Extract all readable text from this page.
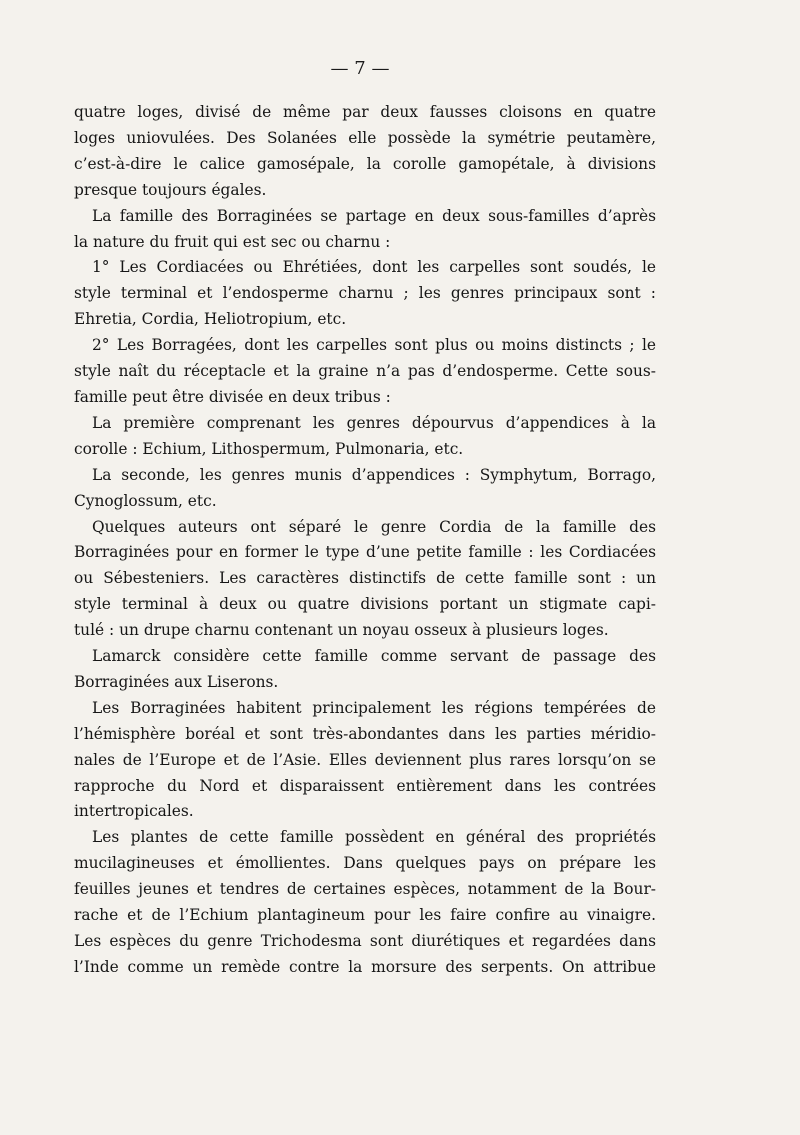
— 7 —
quatre loges, divisé de même par deux fausses cloisons en quatre
loges uniovulées. Des Solanées elle possède la symétrie peutamère,
c’est-à-dire le calice gamosépale, la corolle gamopétale, à divisions
presque toujours égales.
La famille des Borraginées se partage en deux sous-familles d’après
la nature du fruit qui est sec ou charnu :
1° Les Cordiacées ou Ehrétiées, dont les carpelles sont soudés, le
style terminal et l’endosperme charnu ; les genres principaux sont :
Ehretia, Cordia, Heliotropium, etc.
2° Les Borragées, dont les carpelles sont plus ou moins distincts ; le
style naît du réceptacle et la graine n’a pas d’endosperme. Cette sous-
famille peut être divisée en deux tribus :
La première comprenant les genres dépourvus d’appendices à la
corolle : Echium, Lithospermum, Pulmonaria, etc.
La seconde, les genres munis d’appendices : Symphytum, Borrago,
Cynoglossum, etc.
Quelques auteurs ont séparé le genre Cordia de la famille des
Borraginées pour en former le type d’une petite famille : les Cordiacées
ou Sébesteniers. Les caractères distinctifs de cette famille sont : un
style terminal à deux ou quatre divisions portant un stigmate capi-
tulé : un drupe charnu contenant un noyau osseux à plusieurs loges.
Lamarck considère cette famille comme servant de passage des
Borraginées aux Liserons.
Les Borraginées habitent principalement les régions tempérées de
l’hémisphère boréal et sont très-abondantes dans les parties méridio-
nales de l’Europe et de l’Asie. Elles deviennent plus rares lorsqu’on se
rapproche du Nord et disparaissent entièrement dans les contrées
intertropicales.
Les plantes de cette famille possèdent en général des propriétés
mucilagineuses et émollientes. Dans quelques pays on prépare les
feuilles jeunes et tendres de certaines espèces, notamment de la Bour-
rache et de l’Echium plantagineum pour les faire confire au vinaigre.
Les espèces du genre Trichodesma sont diurétiques et regardées dans
l’Inde comme un remède contre la morsure des serpents. On attribue
